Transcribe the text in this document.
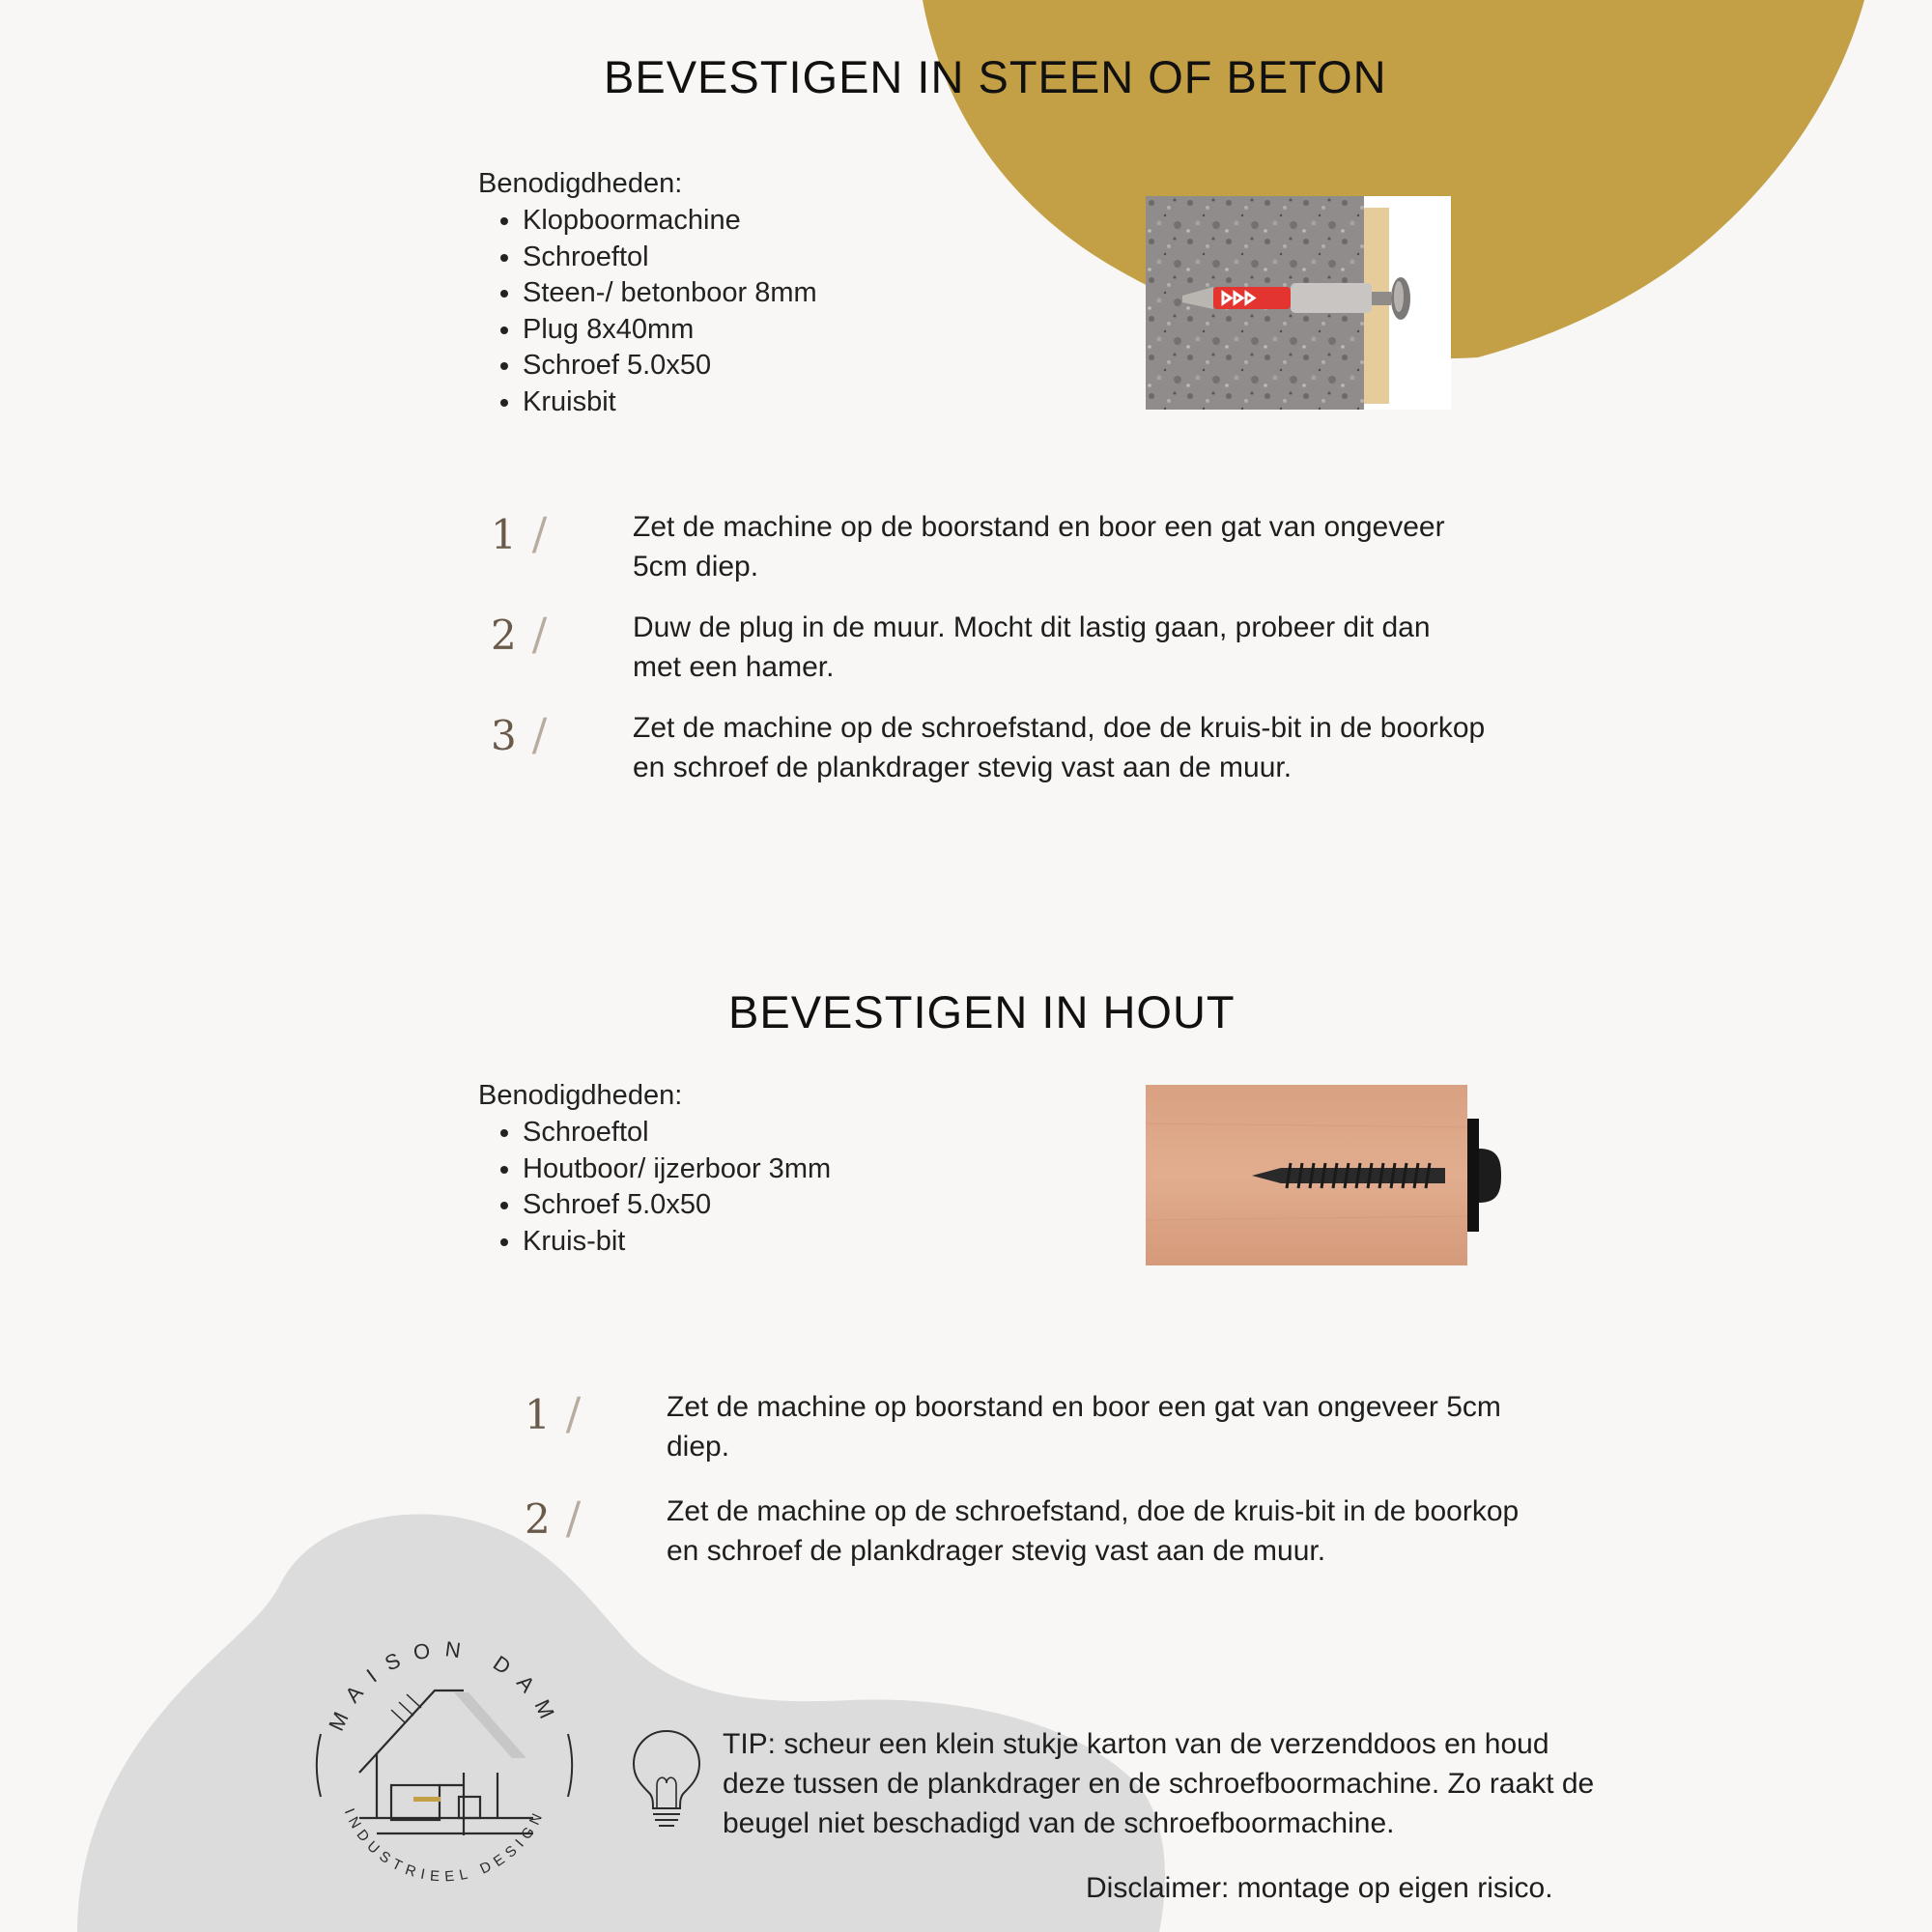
BEVESTIGEN IN STEEN OF BETON
Benodigdheden:
• Klopboormachine
• Schroeftol
• Steen-/ betonboor 8mm
• Plug 8x40mm
• Schroef 5.0x50
• Kruisbit
1 /	Zet de machine op de boorstand en boor een gat van ongeveer 5cm diep.
2 /	Duw de plug in de muur. Mocht dit lastig gaan, probeer dit dan met een hamer.
3 /	Zet de machine op de schroefstand, doe de kruis-bit in de boorkop en schroef de plankdrager stevig vast aan de muur.
BEVESTIGEN IN HOUT
Benodigdheden:
• Schroeftol
• Houtboor/ ijzerboor 3mm
• Schroef 5.0x50
• Kruis-bit
1 /	Zet de machine op boorstand en boor een gat van ongeveer 5cm diep.
2 /	Zet de machine op de schroefstand, doe de kruis-bit in de boorkop en schroef de plankdrager stevig vast aan de muur.
MAISON DAM
INDUSTRIEEL DESIGN
TIP: scheur een klein stukje karton van de verzenddoos en houd deze tussen de plankdrager en de schroefboormachine. Zo raakt de beugel niet beschadigd van de schroefboormachine.
Disclaimer: montage op eigen risico.
